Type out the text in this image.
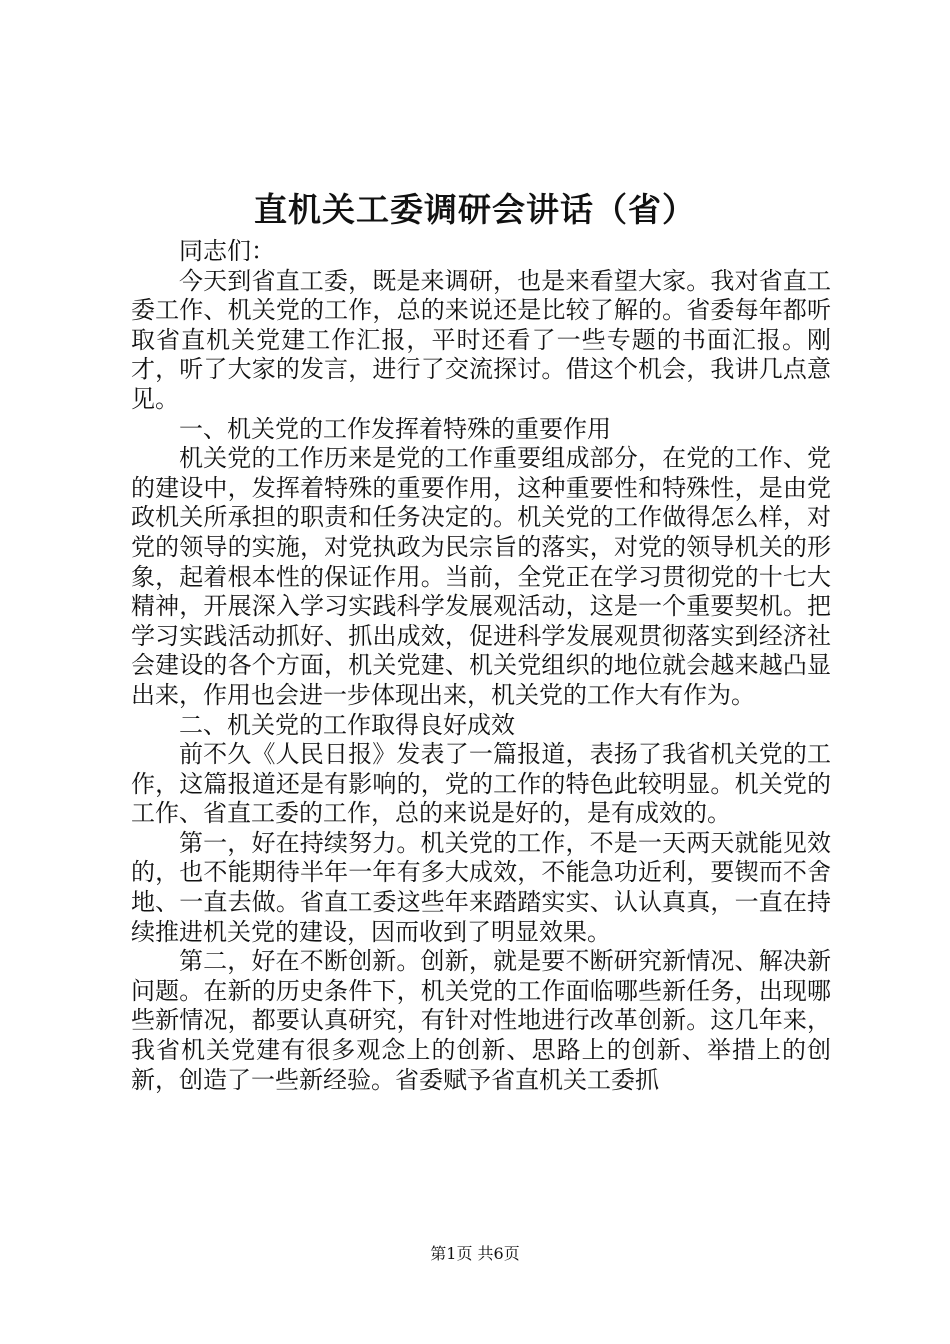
直机关工委调研会讲话（省）

同志们：

今天到省直工委，既是来调研，也是来看望大家。我对省直工委工作、机关党的工作，总的来说还是比较了解的。省委每年都听取省直机关党建工作汇报，平时还看了一些专题的书面汇报。刚才，听了大家的发言，进行了交流探讨。借这个机会，我讲几点意见。

一、机关党的工作发挥着特殊的重要作用

机关党的工作历来是党的工作重要组成部分，在党的工作、党的建设中，发挥着特殊的重要作用，这种重要性和特殊性，是由党政机关所承担的职责和任务决定的。机关党的工作做得怎么样，对党的领导的实施，对党执政为民宗旨的落实，对党的领导机关的形象，起着根本性的保证作用。当前，全党正在学习贯彻党的十七大精神，开展深入学习实践科学发展观活动，这是一个重要契机。把学习实践活动抓好、抓出成效，促进科学发展观贯彻落实到经济社会建设的各个方面，机关党建、机关党组织的地位就会越来越凸显出来，作用也会进一步体现出来，机关党的工作大有作为。

二、机关党的工作取得良好成效

前不久《人民日报》发表了一篇报道，表扬了我省机关党的工作，这篇报道还是有影响的，党的工作的特色此较明显。机关党的工作、省直工委的工作，总的来说是好的，是有成效的。

第一，好在持续努力。机关党的工作，不是一天两天就能见效的，也不能期待半年一年有多大成效，不能急功近利，要锲而不舍地、一直去做。省直工委这些年来踏踏实实、认认真真，一直在持续推进机关党的建设，因而收到了明显效果。

第二，好在不断创新。创新，就是要不断研究新情况、解决新问题。在新的历史条件下，机关党的工作面临哪些新任务，出现哪些新情况，都要认真研究，有针对性地进行改革创新。这几年来，我省机关党建有很多观念上的创新、思路上的创新、举措上的创新，创造了一些新经验。省委赋予省直机关工委抓

第1页 共6页
